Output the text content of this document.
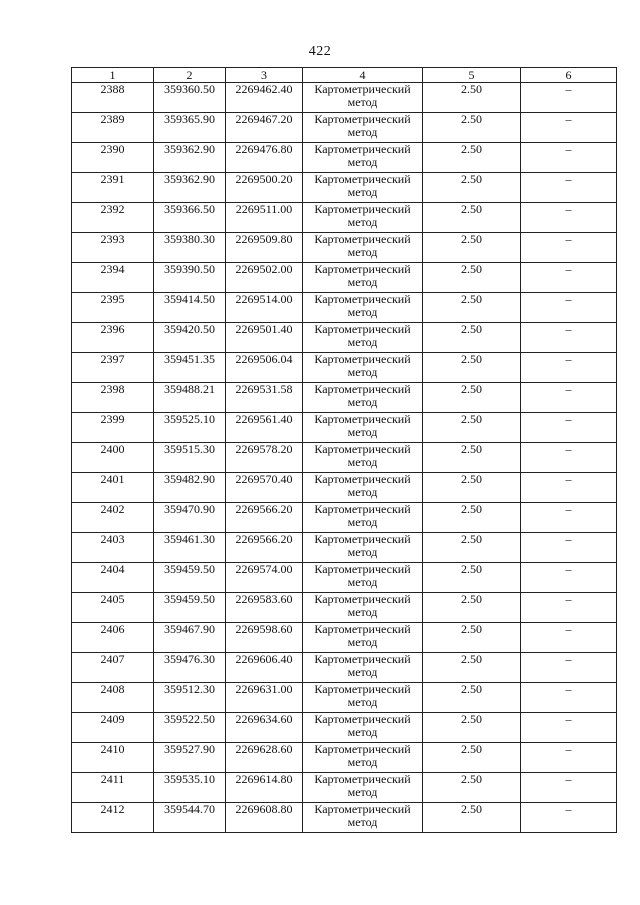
422
1	2	3	4	5	6
2388	359360.50	2269462.40	Картометрический
метод	2.50	–
2389	359365.90	2269467.20	Картометрический
метод	2.50	–
2390	359362.90	2269476.80	Картометрический
метод	2.50	–
2391	359362.90	2269500.20	Картометрический
метод	2.50	–
2392	359366.50	2269511.00	Картометрический
метод	2.50	–
2393	359380.30	2269509.80	Картометрический
метод	2.50	–
2394	359390.50	2269502.00	Картометрический
метод	2.50	–
2395	359414.50	2269514.00	Картометрический
метод	2.50	–
2396	359420.50	2269501.40	Картометрический
метод	2.50	–
2397	359451.35	2269506.04	Картометрический
метод	2.50	–
2398	359488.21	2269531.58	Картометрический
метод	2.50	–
2399	359525.10	2269561.40	Картометрический
метод	2.50	–
2400	359515.30	2269578.20	Картометрический
метод	2.50	–
2401	359482.90	2269570.40	Картометрический
метод	2.50	–
2402	359470.90	2269566.20	Картометрический
метод	2.50	–
2403	359461.30	2269566.20	Картометрический
метод	2.50	–
2404	359459.50	2269574.00	Картометрический
метод	2.50	–
2405	359459.50	2269583.60	Картометрический
метод	2.50	–
2406	359467.90	2269598.60	Картометрический
метод	2.50	–
2407	359476.30	2269606.40	Картометрический
метод	2.50	–
2408	359512.30	2269631.00	Картометрический
метод	2.50	–
2409	359522.50	2269634.60	Картометрический
метод	2.50	–
2410	359527.90	2269628.60	Картометрический
метод	2.50	–
2411	359535.10	2269614.80	Картометрический
метод	2.50	–
2412	359544.70	2269608.80	Картометрический
метод	2.50	–
